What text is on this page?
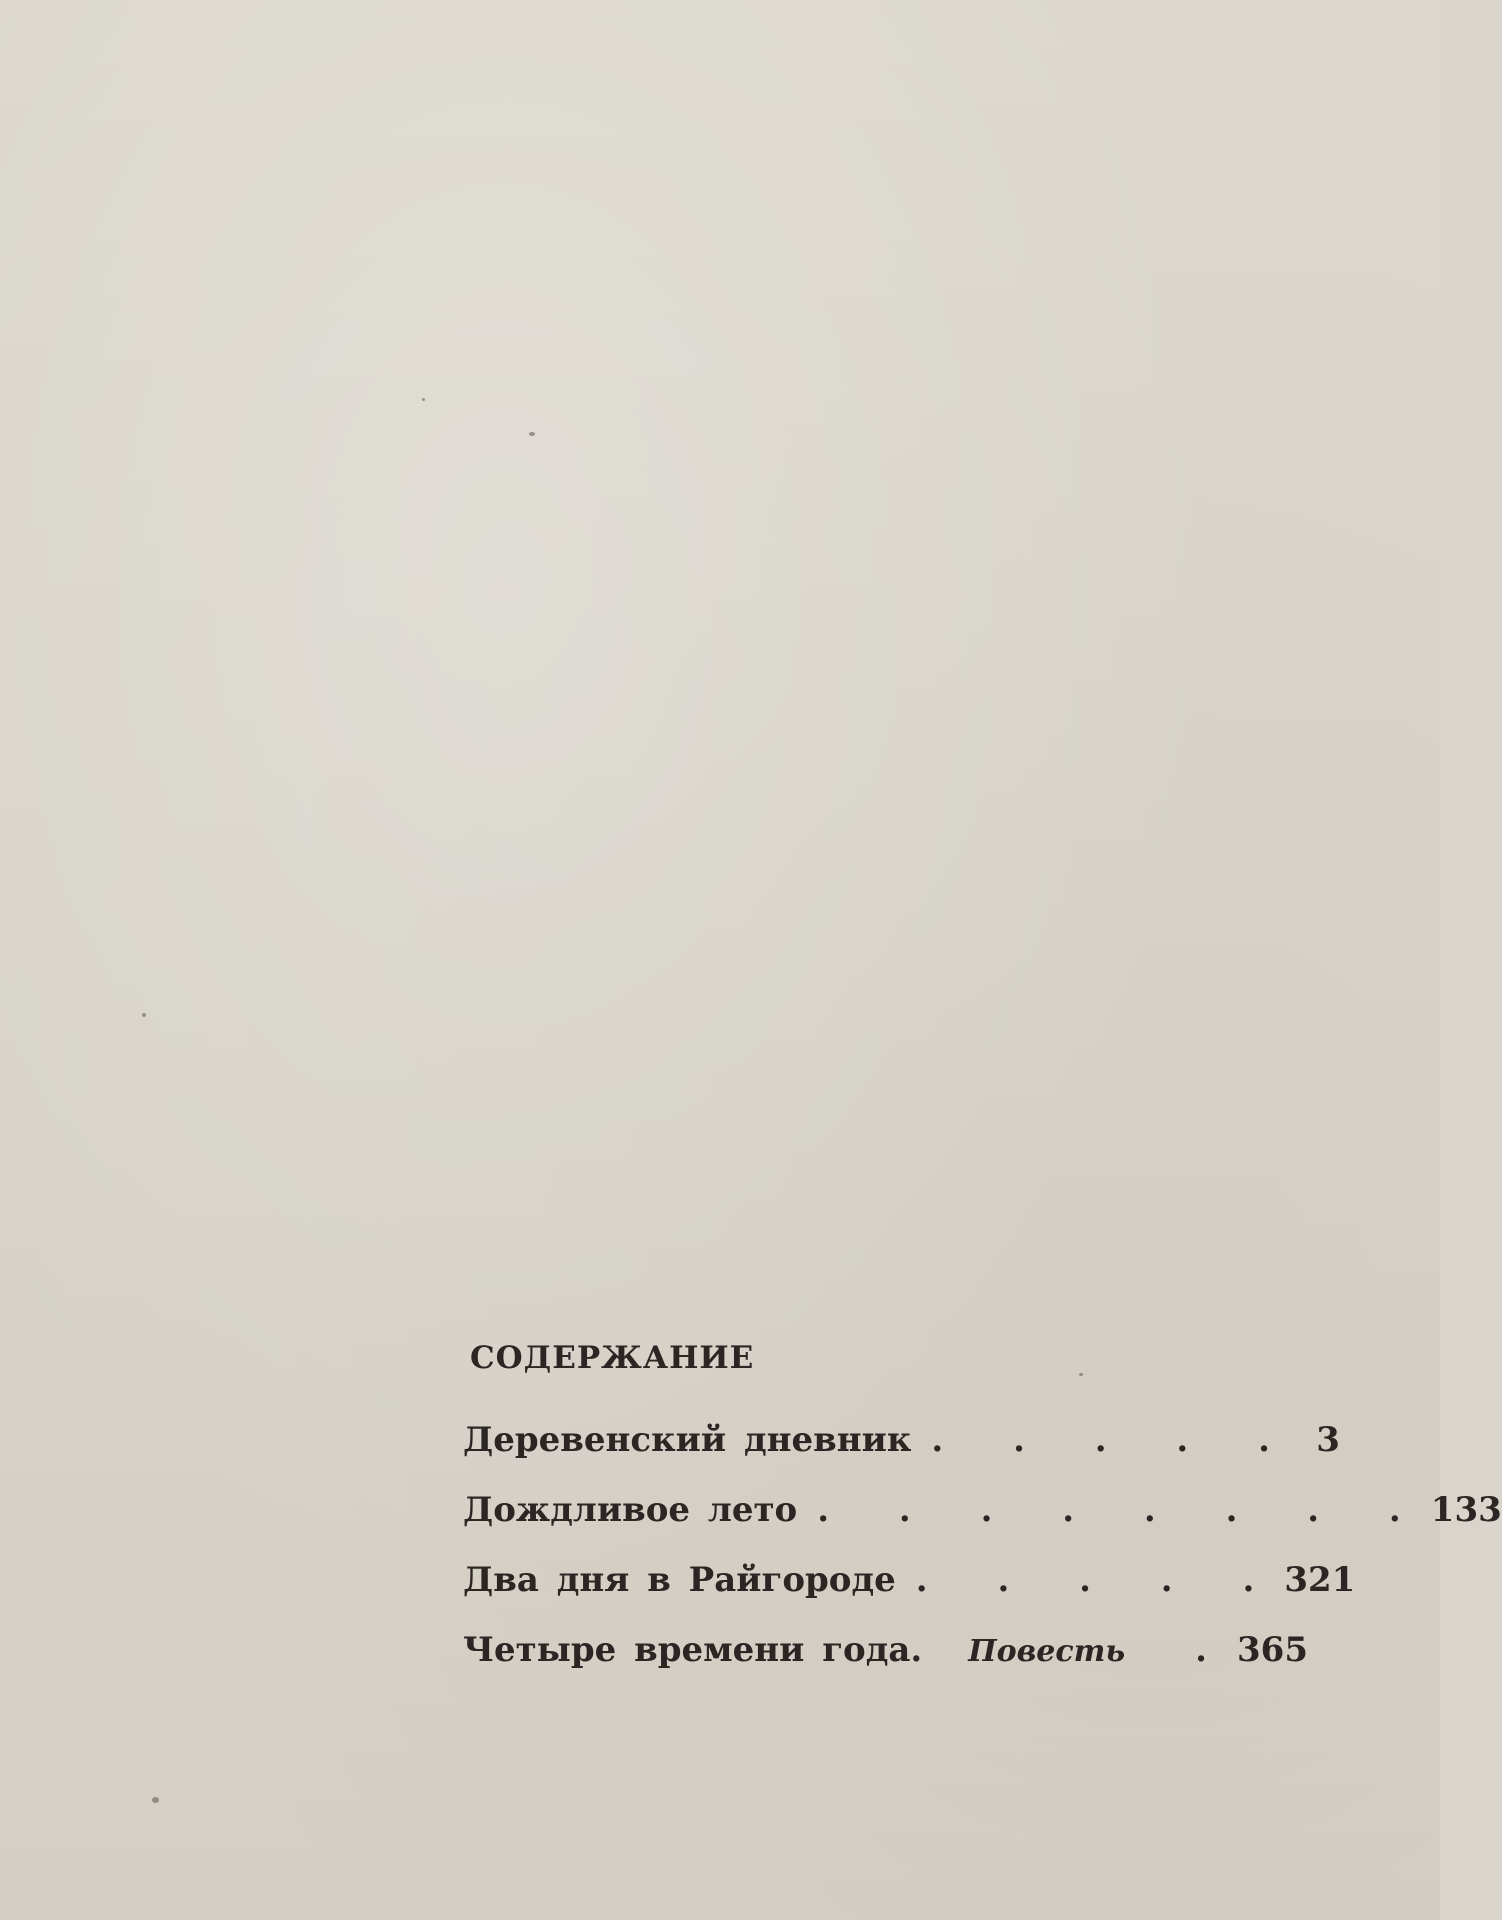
СОДЕРЖАНИЕ
Деревенский дневник . . . . . 3
Дождливое лето . . . . . . . . 133
Два дня в Райгороде . . . . . 321
Четыре времени года. Повесть	. 365
